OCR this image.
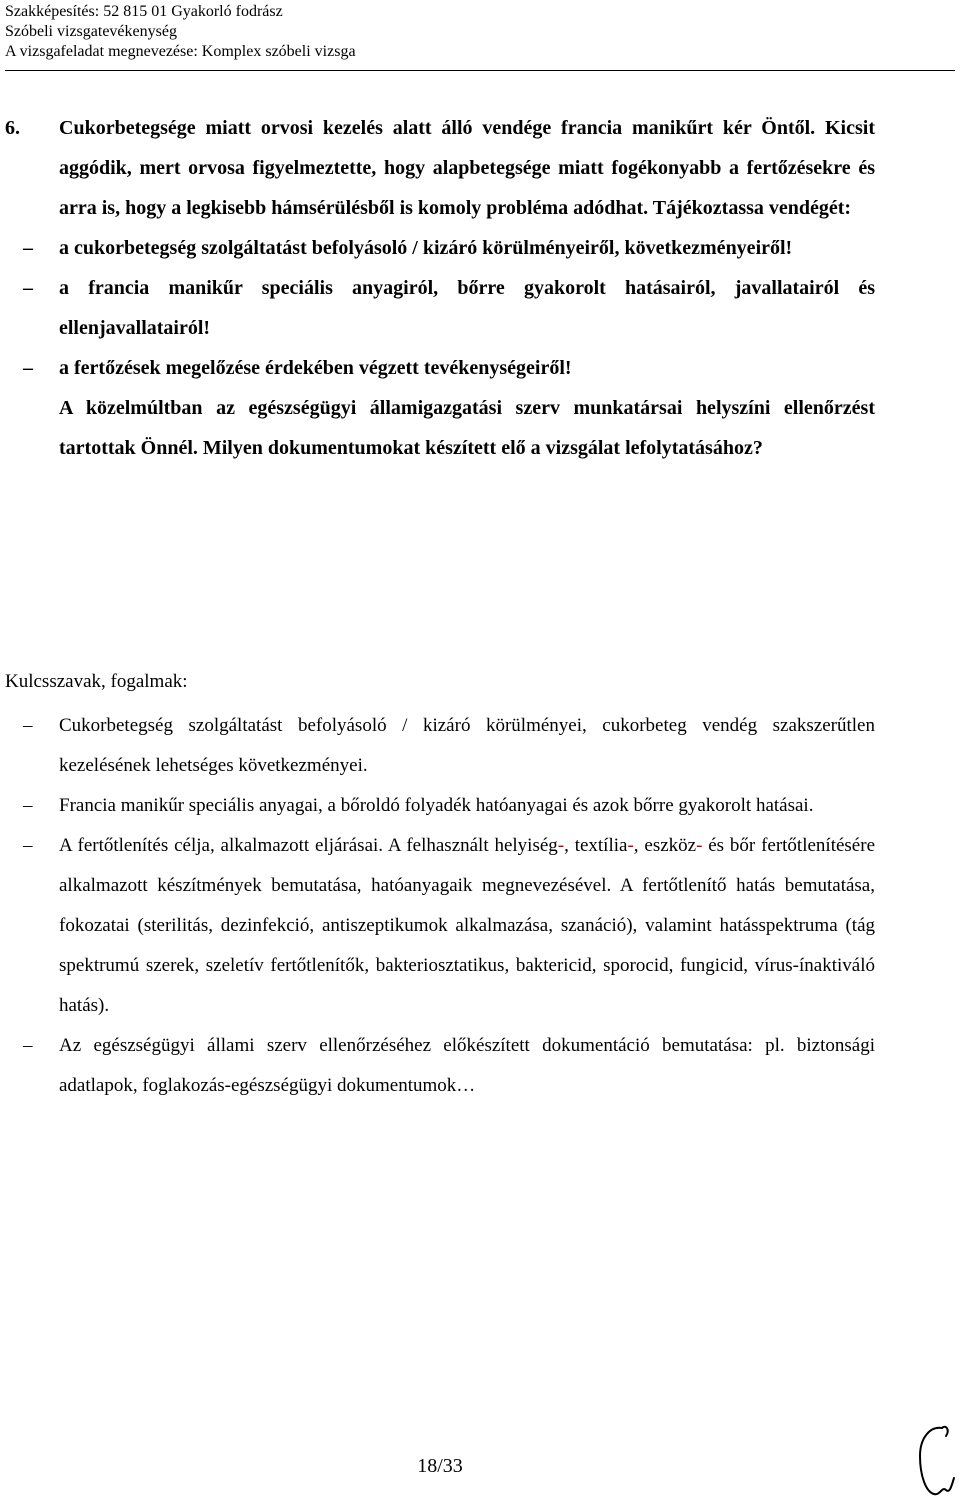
Szakképesítés: 52 815 01 Gyakorló fodrász
Szóbeli vizsgatevékenység
A vizsgafeladat megnevezése: Komplex szóbeli vizsga
6. Cukorbetegsége miatt orvosi kezelés alatt álló vendége francia manikűrt kér Öntől. Kicsit aggódik, mert orvosa figyelmeztette, hogy alapbetegsége miatt fogékonyabb a fertőzésekre és arra is, hogy a legkisebb hámsérülésből is komoly probléma adódhat. Tájékoztassa vendégét:
– a cukorbetegség szolgáltatást befolyásoló / kizáró körülményeiről, következményeiről!
– a francia manikűr speciális anyagiról, bőrre gyakorolt hatásairól, javallatairól és ellenjavallatairól!
– a fertőzések megelőzése érdekében végzett tevékenységeiről!
A közelmúltban az egészségügyi államigazgatási szerv munkatársai helyszíni ellenőrzést tartottak Önnél. Milyen dokumentumokat készített elő a vizsgálat lefolytatásához?
Kulcsszavak, fogalmak:
– Cukorbetegség szolgáltatást befolyásoló / kizáró körülményei, cukorbeteg vendég szakszerűtlen kezelésének lehetséges következményei.
– Francia manikűr speciális anyagai, a bőroldó folyadék hatóanyagai és azok bőrre gyakorolt hatásai.
– A fertőtlenítés célja, alkalmazott eljárásai. A felhasznált helyiség-, textília-, eszköz- és bőr fertőtlenítésére alkalmazott készítmények bemutatása, hatóanyagaik megnevezésével. A fertőtlenítő hatás bemutatása, fokozatai (sterilitás, dezinfekció, antiszeptikumok alkalmazása, szanáció), valamint hatásspektruma (tág spektrumú szerek, szeletív fertőtlenítők, bakteriosztatikus, baktericid, sporocid, fungicid, vírus-ínaktiváló hatás).
– Az egészségügyi állami szerv ellenőrzéséhez előkészített dokumentáció bemutatása: pl. biztonsági adatlapok, foglakozás-egészségügyi dokumentumok…
18/33
